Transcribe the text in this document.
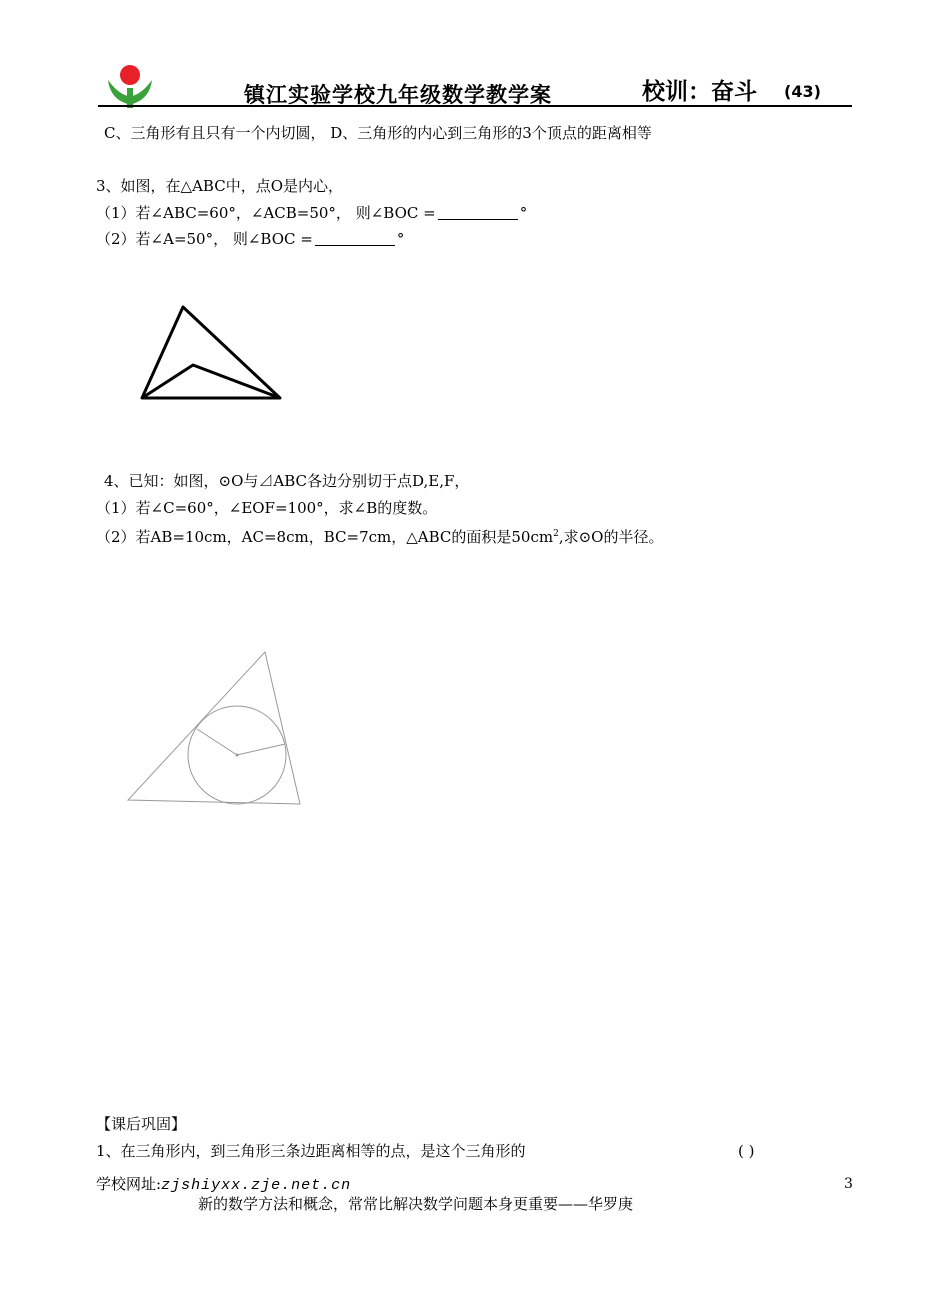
镇江实验学校九年级数学教学案	校训：奋斗 (43)
C、三角形有且只有一个内切圆， D、三角形的内心到三角形的3个顶点的距离相等
3、如图，在△ABC中，点O是内心，
（1）若∠ABC=60°，∠ACB=50°， 则∠BOC =	°
（2）若∠A=50°， 则∠BOC =	°
4、已知：如图，⊙O与⊿ABC各边分别切于点D,E,F，
（1）若∠C=60°，∠EOF=100°，求∠B的度数。
（2）若AB=10cm，AC=8cm，BC=7cm，△ABC的面积是$50cm^2$,求⊙O的半径。
【课后巩固】
1、在三角形内，到三角形三条边距离相等的点，是这个三角形的	( )
学校网址:zjshiyxx.zje.net.cn	3
新的数学方法和概念，常常比解决数学问题本身更重要——华罗庚
